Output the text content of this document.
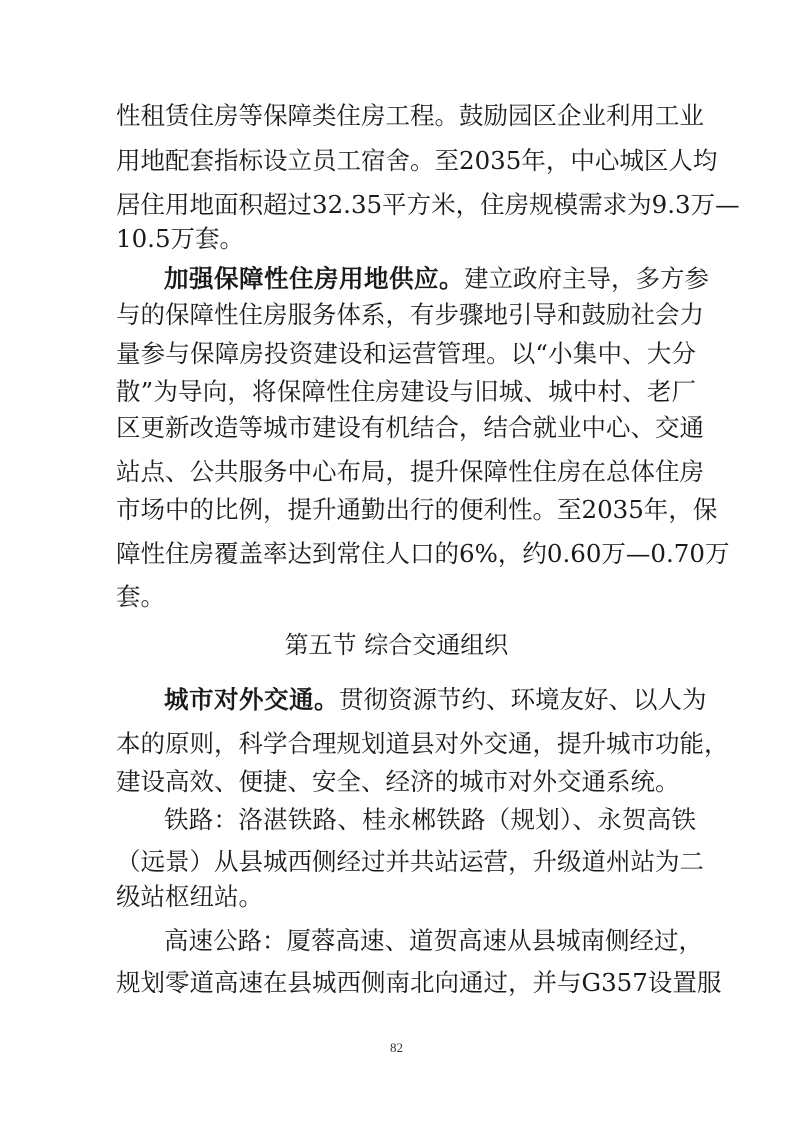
性租赁住房等保障类住房工程。鼓励园区企业利用工业
用地配套指标设立员工宿舍。至2035年，中心城区人均
居住用地面积超过32.35平方米，住房规模需求为9.3万—
10.5万套。
加强保障性住房用地供应。建立政府主导，多方参
与的保障性住房服务体系，有步骤地引导和鼓励社会力
量参与保障房投资建设和运营管理。以“小集中、大分
散”为导向，将保障性住房建设与旧城、城中村、老厂
区更新改造等城市建设有机结合，结合就业中心、交通
站点、公共服务中心布局，提升保障性住房在总体住房
市场中的比例，提升通勤出行的便利性。至2035年，保
障性住房覆盖率达到常住人口的6%，约0.60万—0.70万
套。
第五节 综合交通组织
城市对外交通。贯彻资源节约、环境友好、以人为
本的原则，科学合理规划道县对外交通，提升城市功能，
建设高效、便捷、安全、经济的城市对外交通系统。
铁路：洛湛铁路、桂永郴铁路（规划）、永贺高铁
（远景）从县城西侧经过并共站运营，升级道州站为二
级站枢纽站。
高速公路：厦蓉高速、道贺高速从县城南侧经过，
规划零道高速在县城西侧南北向通过，并与G357设置服
82
